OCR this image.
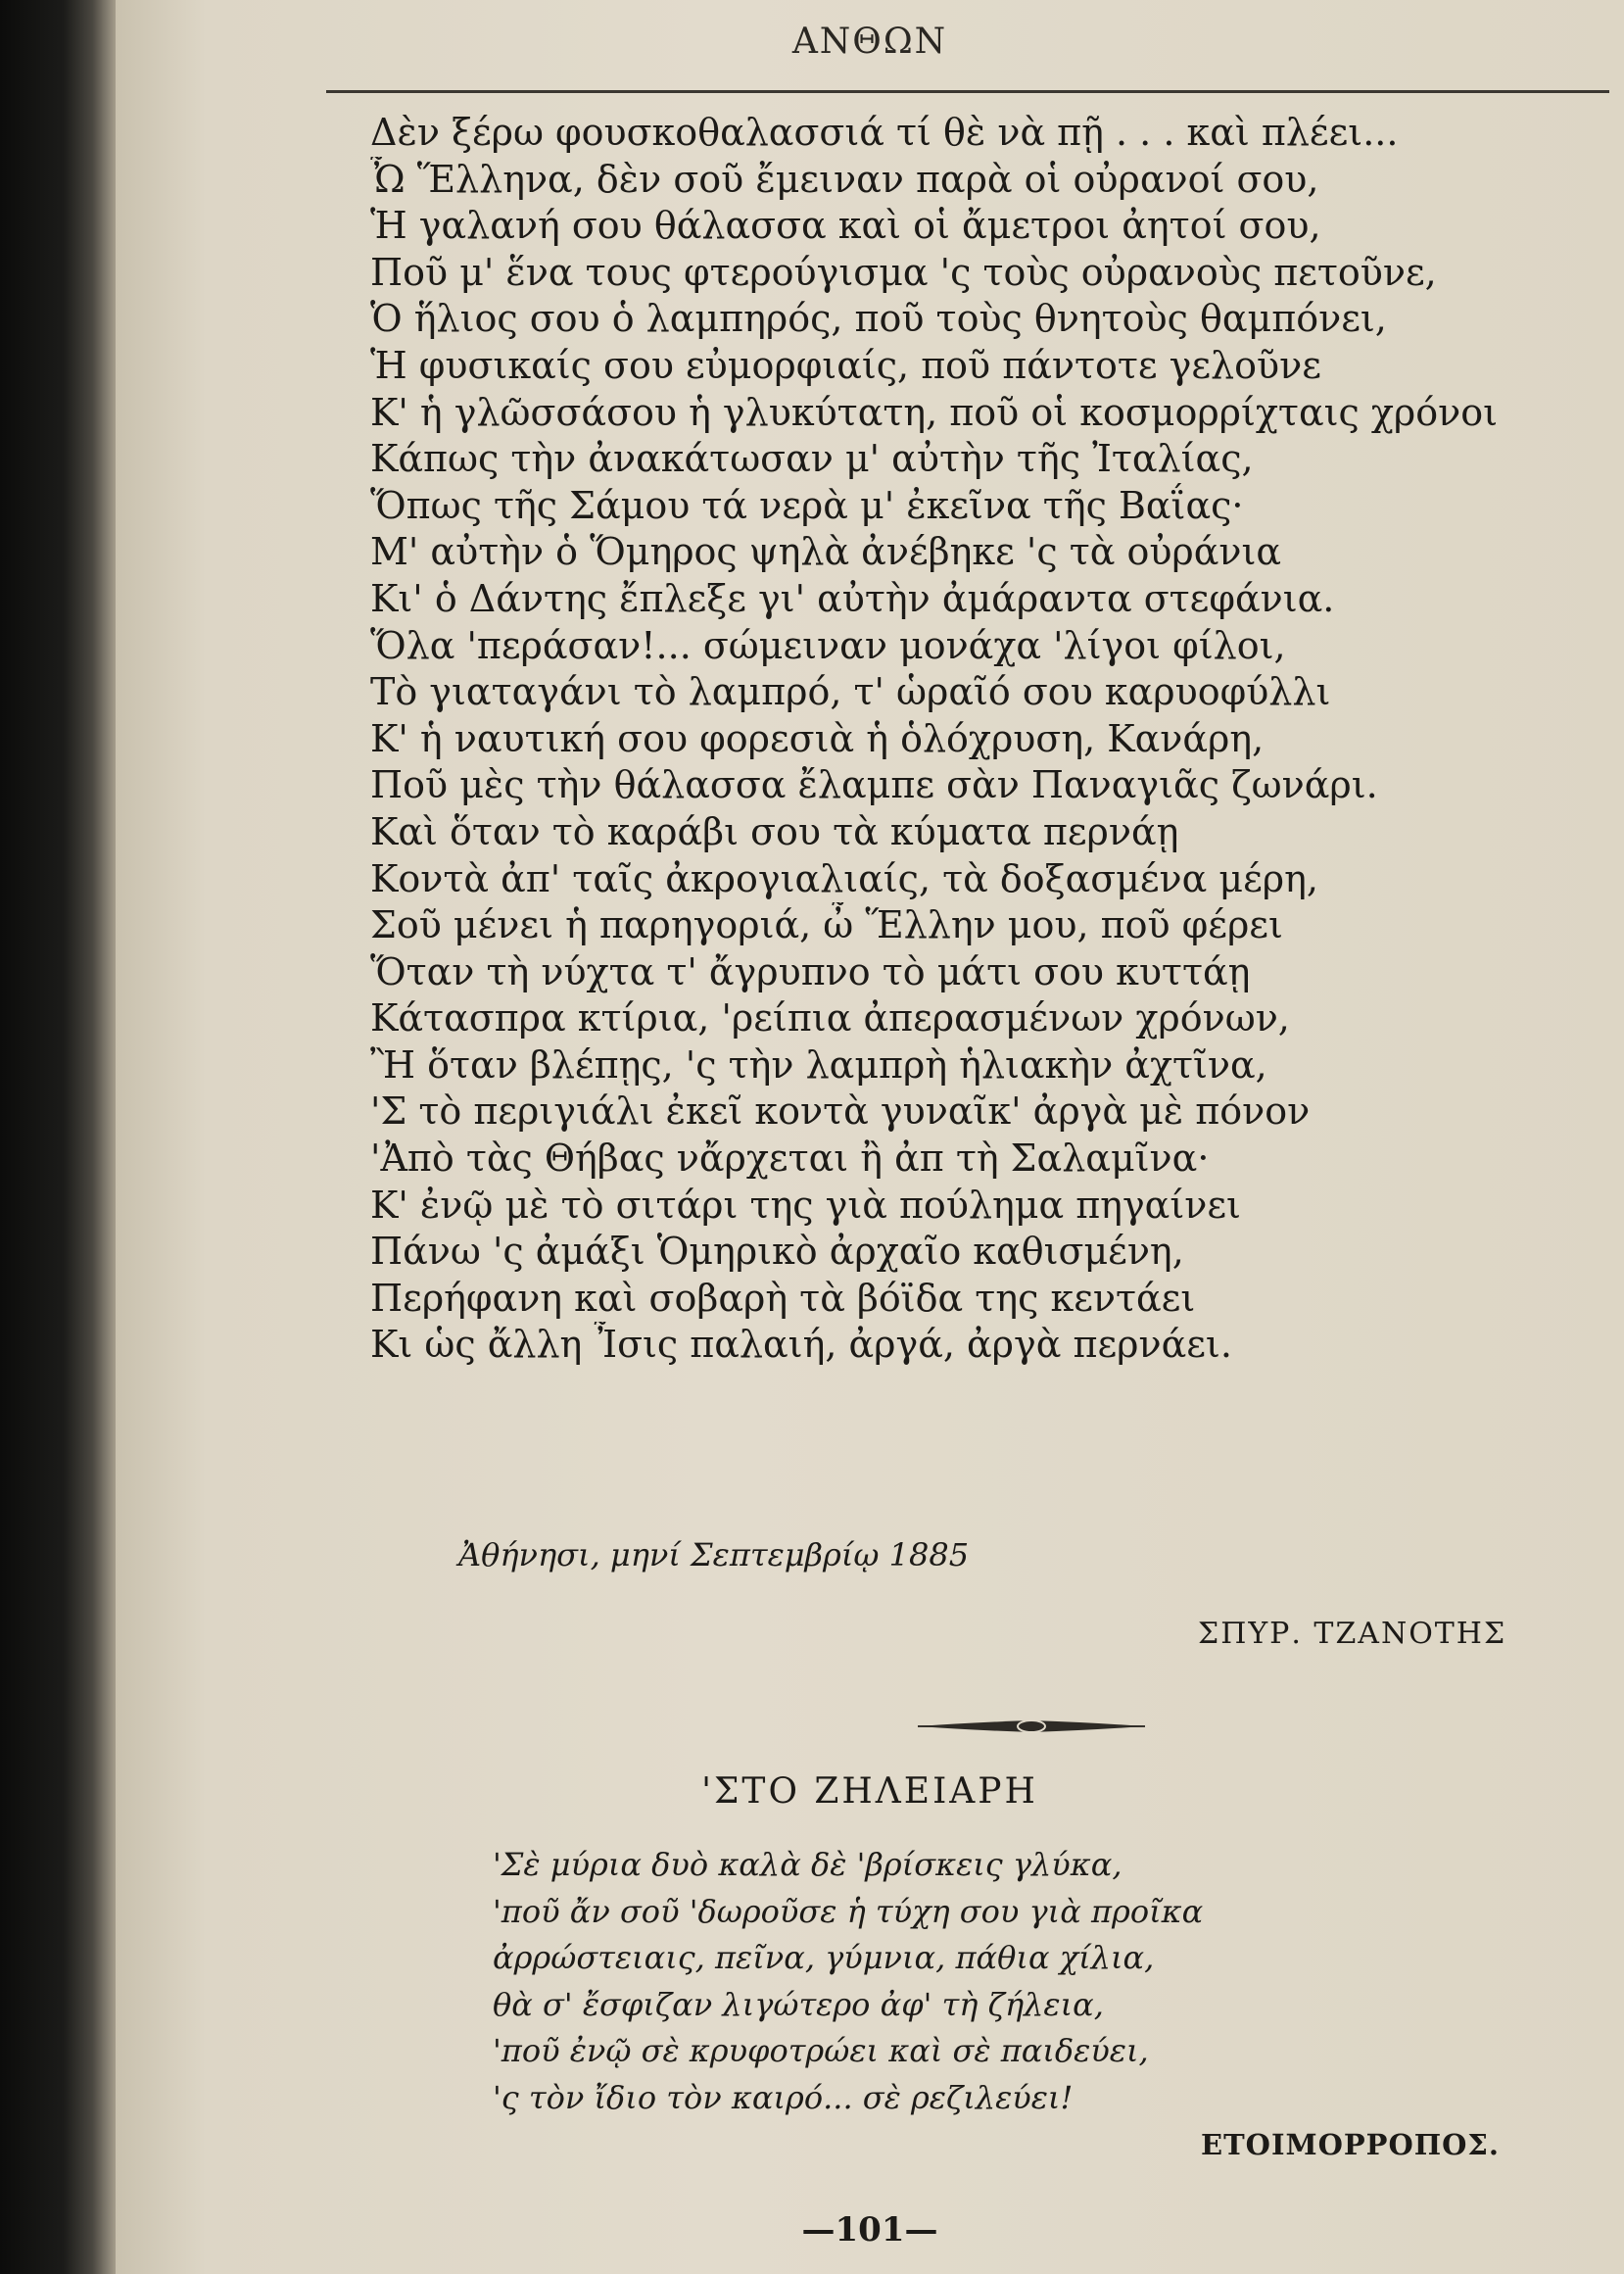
ΑΝΘΩΝ
Δὲν ξέρω φουσκοθαλασσιά τί θὲ νὰ πῇ . . . καὶ πλέει...
Ὦ Ἕλληνα, δὲν σοῦ ἔμειναν παρὰ οἱ οὐρανοί σου,
Ἡ γαλανή σου θάλασσα καὶ οἱ ἄμετροι ἀητοί σου,
Ποῦ μ' ἕνα τους φτερούγισμα 'ς τοὺς οὐρανοὺς πετοῦνε,
Ὁ ἥλιος σου ὁ λαμπηρός, ποῦ τοὺς θνητοὺς θαμπόνει,
Ἡ φυσικαίς σου εὐμορφιαίς, ποῦ πάντοτε γελοῦνε
Κ' ἡ γλῶσσάσου ἡ γλυκύτατη, ποῦ οἱ κοσμορρίχταις χρόνοι
Κάπως τὴν ἀνακάτωσαν μ' αὐτὴν τῆς Ἰταλίας,
Ὅπως τῆς Σάμου τά νερὰ μ' ἐκεῖνα τῆς Βαΐας·
Μ' αὐτὴν ὁ Ὅμηρος ψηλὰ ἀνέβηκε 'ς τὰ οὐράνια
Κι' ὁ Δάντης ἔπλεξε γι' αὐτὴν ἀμάραντα στεφάνια.
Ὅλα 'περάσαν!... σώμειναν μονάχα 'λίγοι φίλοι,
Τὸ γιαταγάνι τὸ λαμπρό, τ' ὡραῖό σου καρυοφύλλι
Κ' ἡ ναυτική σου φορεσιὰ ἡ ὁλόχρυση, Κανάρη,
Ποῦ μὲς τὴν θάλασσα ἔλαμπε σὰν Παναγιᾶς ζωνάρι.
Καὶ ὅταν τὸ καράβι σου τὰ κύματα περνάῃ
Κοντὰ ἀπ' ταῖς ἀκρογιαλιαίς, τὰ δοξασμένα μέρη,
Σοῦ μένει ἡ παρηγοριά, ὦ Ἕλλην μου, ποῦ φέρει
Ὅταν τὴ νύχτα τ' ἄγρυπνο τὸ μάτι σου κυττάῃ
Κάτασπρα κτίρια, 'ρείπια ἀπερασμένων χρόνων,
Ἢ ὅταν βλέπῃς, 'ς τὴν λαμπρὴ ἡλιακὴν ἀχτῖνα,
'Σ τὸ περιγιάλι ἐκεῖ κοντὰ γυναῖκ' ἀργὰ μὲ πόνον
'Ἀπὸ τὰς Θήβας νἄρχεται ἢ ἀπ τὴ Σαλαμῖνα·
Κ' ἐνῷ μὲ τὸ σιτάρι της γιὰ πούλημα πηγαίνει
Πάνω 'ς ἀμάξι Ὁμηρικὸ ἀρχαῖο καθισμένη,
Περήφανη καὶ σοβαρὴ τὰ βόϊδα της κεντάει
Κι ὡς ἄλλη Ἶσις παλαιή, ἀργά, ἀργὰ περνάει.
Ἀθήνησι, μηνί Σεπτεμβρίῳ 1885
ΣΠΥΡ. ΤΖΑΝΟΤΗΣ
'ΣΤΟ ΖΗΛΕΙΑΡΗ
'Σὲ μύρια δυὸ καλὰ δὲ 'βρίσκεις γλύκα,
'ποῦ ἄν σοῦ 'δωροῦσε ἡ τύχη σου γιὰ προῖκα
ἀρρώστειαις, πεῖνα, γύμνια, πάθια χίλια,
θὰ σ' ἔσφιζαν λιγώτερο ἀφ' τὴ ζήλεια,
'ποῦ ἐνῷ σὲ κρυφοτρώει καὶ σὲ παιδεύει,
'ς τὸν ἴδιο τὸν καιρό... σὲ ρεζιλεύει!
ΕΤΟΙΜΟΡΡΟΠΟΣ.
—101—
